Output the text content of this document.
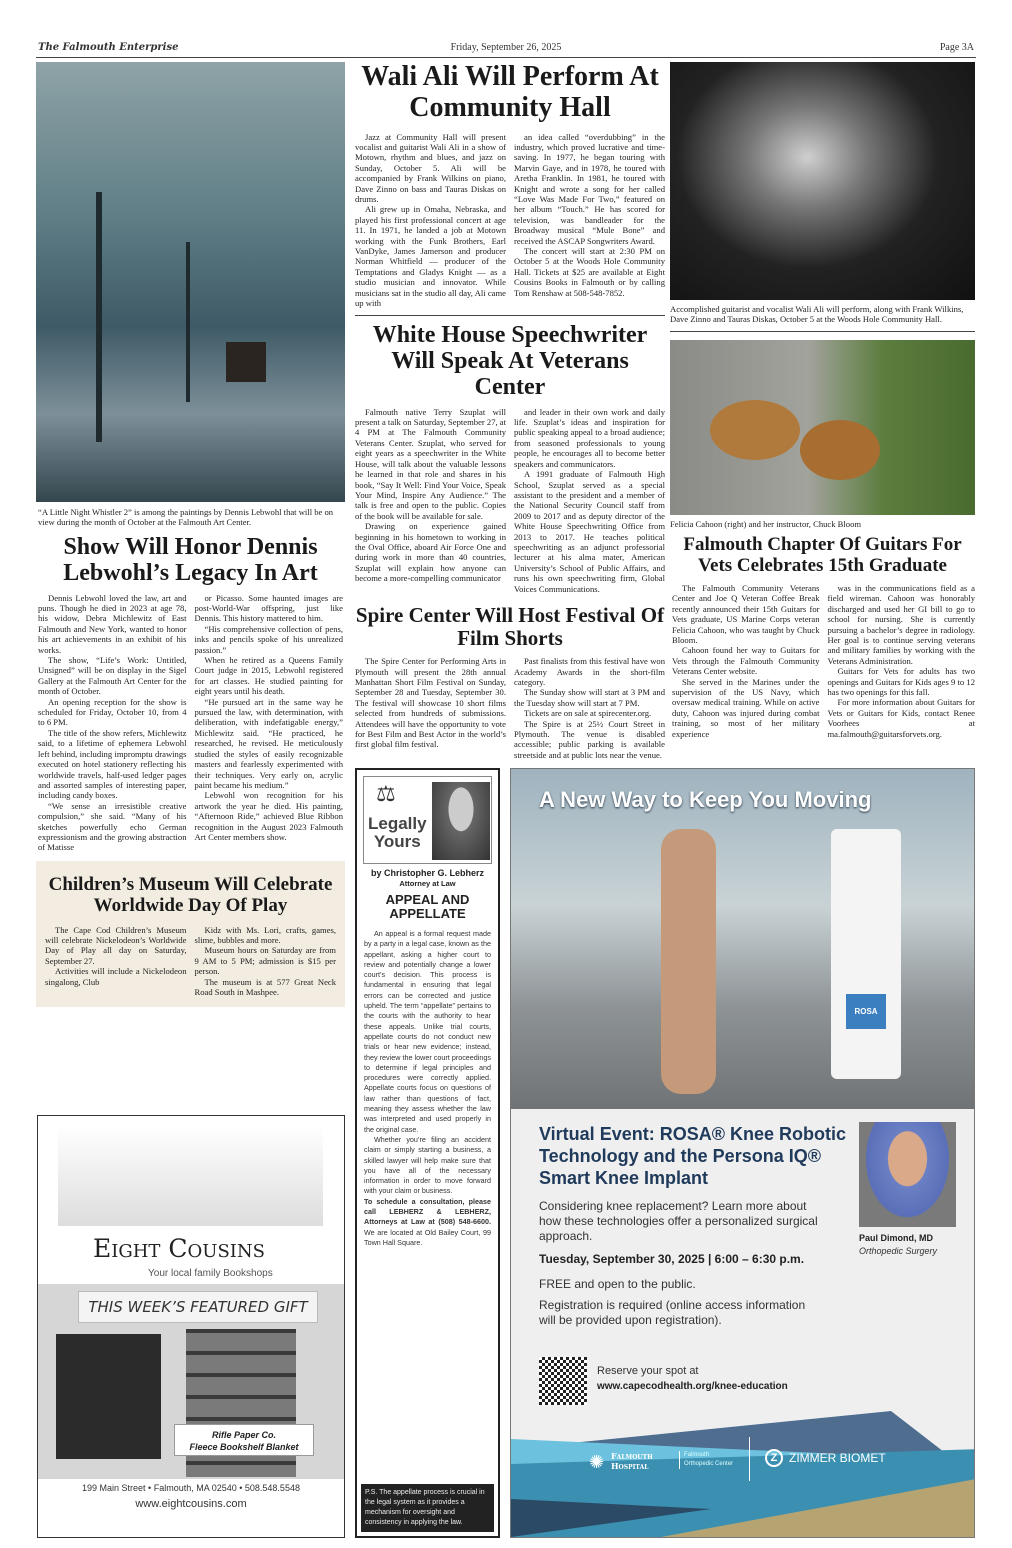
The Falmouth Enterprise	Friday, September 26, 2025	Page 3A
“A Little Night Whistler 2” is among the paintings by Dennis Lebwohl that will be on view during the month of October at the Falmouth Art Center.
Show Will Honor Dennis Lebwohl’s Legacy In Art

Dennis Lebwohl loved the law, art and puns. Though he died in 2023 at age 78, his widow, Debra Michlewitz of East Falmouth and New York, wanted to honor his art achievements in an exhibit of his works.

The show, “Life’s Work: Untitled, Unsigned” will be on display in the Sigel Gallery at the Falmouth Art Center for the month of October.

An opening reception for the show is scheduled for Friday, October 10, from 4 to 6 PM.

The title of the show refers, Michlewitz said, to a lifetime of ephemera Lebwohl left behind, including impromptu drawings executed on hotel stationery reflecting his worldwide travels, half-used ledger pages and assorted samples of interesting paper, including candy boxes.

“We sense an irresistible creative compulsion,” she said. “Many of his sketches powerfully echo German expressionism and the growing abstraction of Matisse

or Picasso. Some haunted images are post-World-War offspring, just like Dennis. This history mattered to him.

“His comprehensive collection of pens, inks and pencils spoke of his unrealized passion.”

When he retired as a Queens Family Court judge in 2015, Lebwohl registered for art classes. He studied painting for eight years until his death.

“He pursued art in the same way he pursued the law, with determination, with deliberation, with indefatigable energy,” Michlewitz said. “He practiced, he researched, he revised. He meticulously studied the styles of easily recognizable masters and fearlessly experimented with their techniques. Very early on, acrylic paint became his medium.”

Lebwohl won recognition for his artwork the year he died. His painting, “Afternoon Ride,” achieved Blue Ribbon recognition in the August 2023 Falmouth Art Center members show.

Children’s Museum Will Celebrate Worldwide Day Of Play

The Cape Cod Children’s Museum will celebrate Nickelodeon’s Worldwide Day of Play all day on Saturday, September 27.

Activities will include a Nickelodeon singalong, Club

Kidz with Ms. Lori, crafts, games, slime, bubbles and more.

Museum hours on Saturday are from 9 AM to 5 PM; admission is $15 per person.

The museum is at 577 Great Neck Road South in Mashpee.

Eight Cousins
Your local family Bookshops
Rifle Paper Co.
Fleece Bookshelf Blanket
THIS WEEK’S FEATURED GIFT
199 Main Street • Falmouth, MA 02540 • 508.548.5548
www.eightcousins.com
Wali Ali Will Perform At Community Hall

Jazz at Community Hall will present vocalist and guitarist Wali Ali in a show of Motown, rhythm and blues, and jazz on Sunday, October 5. Ali will be accompanied by Frank Wilkins on piano, Dave Zinno on bass and Tauras Diskas on drums.

Ali grew up in Omaha, Nebraska, and played his first professional concert at age 11. In 1971, he landed a job at Motown working with the Funk Brothers, Earl VanDyke, James Jamerson and producer Norman Whitfield — producer of the Temptations and Gladys Knight — as a studio musician and innovator. While musicians sat in the studio all day, Ali came up with

an idea called “overdubbing” in the industry, which proved lucrative and time-saving. In 1977, he began touring with Marvin Gaye, and in 1978, he toured with Aretha Franklin. In 1981, he toured with Knight and wrote a song for her called “Love Was Made For Two,” featured on her album “Touch.” He has scored for television, was bandleader for the Broadway musical “Mule Bone” and received the ASCAP Songwriters Award.

The concert will start at 2:30 PM on October 5 at the Woods Hole Community Hall. Tickets at $25 are available at Eight Cousins Books in Falmouth or by calling Tom Renshaw at 508-548-7852.

White House Speechwriter Will Speak At Veterans Center

Falmouth native Terry Szuplat will present a talk on Saturday, September 27, at 4 PM at The Falmouth Community Veterans Center. Szuplat, who served for eight years as a speechwriter in the White House, will talk about the valuable lessons he learned in that role and shares in his book, “Say It Well: Find Your Voice, Speak Your Mind, Inspire Any Audience.” The talk is free and open to the public. Copies of the book will be available for sale.

Drawing on experience gained beginning in his hometown to working in the Oval Office, aboard Air Force One and during work in more than 40 countries, Szuplat will explain how anyone can become a more-compelling communicator

and leader in their own work and daily life. Szuplat’s ideas and inspiration for public speaking appeal to a broad audience; from seasoned professionals to young people, he encourages all to become better speakers and communicators.

A 1991 graduate of Falmouth High School, Szuplat served as a special assistant to the president and a member of the National Security Council staff from 2009 to 2017 and as deputy director of the White House Speechwriting Office from 2013 to 2017. He teaches political speechwriting as an adjunct professorial lecturer at his alma mater, American University’s School of Public Affairs, and runs his own speechwriting firm, Global Voices Communications.

Spire Center Will Host Festival Of Film Shorts

The Spire Center for Performing Arts in Plymouth will present the 28th annual Manhattan Short Film Festival on Sunday, September 28 and Tuesday, September 30. The festival will showcase 10 short films selected from hundreds of submissions. Attendees will have the opportunity to vote for Best Film and Best Actor in the world’s first global film festival.

Past finalists from this festival have won Academy Awards in the short-film category.

The Sunday show will start at 3 PM and the Tuesday show will start at 7 PM.

Tickets are on sale at spirecenter.org.

The Spire is at 25½ Court Street in Plymouth. The venue is disabled accessible; public parking is available streetside and at public lots near the venue.

Accomplished guitarist and vocalist Wali Ali will perform, along with Frank Wilkins, Dave Zinno and Tauras Diskas, October 5 at the Woods Hole Community Hall.
Felicia Cahoon (right) and her instructor, Chuck Bloom
Falmouth Chapter Of Guitars For Vets Celebrates 15th Graduate

The Falmouth Community Veterans Center and Joe Q Veteran Coffee Break recently announced their 15th Guitars for Vets graduate, US Marine Corps veteran Felicia Cahoon, who was taught by Chuck Bloom.

Cahoon found her way to Guitars for Vets through the Falmouth Community Veterans Center website.

She served in the Marines under the supervision of the US Navy, which oversaw medical training. While on active duty, Cahoon was injured during combat training, so most of her military experience

was in the communications field as a field wireman. Cahoon was honorably discharged and used her GI bill to go to school for nursing. She is currently pursuing a bachelor’s degree in radiology. Her goal is to continue serving veterans and military families by working with the Veterans Administration.

Guitars for Vets for adults has two openings and Guitars for Kids ages 9 to 12 has two openings for this fall.

For more information about Guitars for Vets or Guitars for Kids, contact Renee Voorhees at ma.falmouth@guitarsforvets.org.

⚖
Legally
Yours
by Christopher G. Lebherz
Attorney at Law
APPEAL AND APPELLATE

An appeal is a formal request made by a party in a legal case, known as the appellant, asking a higher court to review and potentially change a lower court’s decision. This process is fundamental in ensuring that legal errors can be corrected and justice upheld. The term “appellate” pertains to the courts with the authority to hear these appeals. Unlike trial courts, appellate courts do not conduct new trials or hear new evidence; instead, they review the lower court proceedings to determine if legal principles and procedures were correctly applied. Appellate courts focus on questions of law rather than questions of fact, meaning they assess whether the law was interpreted and used properly in the original case.

Whether you’re filing an accident claim or simply starting a business, a skilled lawyer will help make sure that you have all of the necessary information in order to move forward with your claim or business.

To schedule a consultation, please call LEBHERZ & LEBHERZ, Attorneys at Law at (508) 548-6600. We are located at Old Bailey Court, 99 Town Hall Square.

P.S. The appellate process is crucial in the legal system as it provides a mechanism for oversight and consistency in applying the law.
A New Way to Keep You Moving
ROSA
Virtual Event: ROSA® Knee Robotic Technology and the Persona IQ® Smart Knee Implant
Considering knee replacement? Learn more about how these technologies offer a personalized surgical approach.
Tuesday, September 30, 2025 | 6:00 – 6:30 p.m.
FREE and open to the public.
Registration is required (online access information will be provided upon registration).
Paul Dimond, MD
Orthopedic Surgery
Reserve your spot at
www.capecodhealth.org/knee-education
✺ Falmouth
Hospital
Falmouth
Orthopedic Center	Z ZIMMER BIOMET
